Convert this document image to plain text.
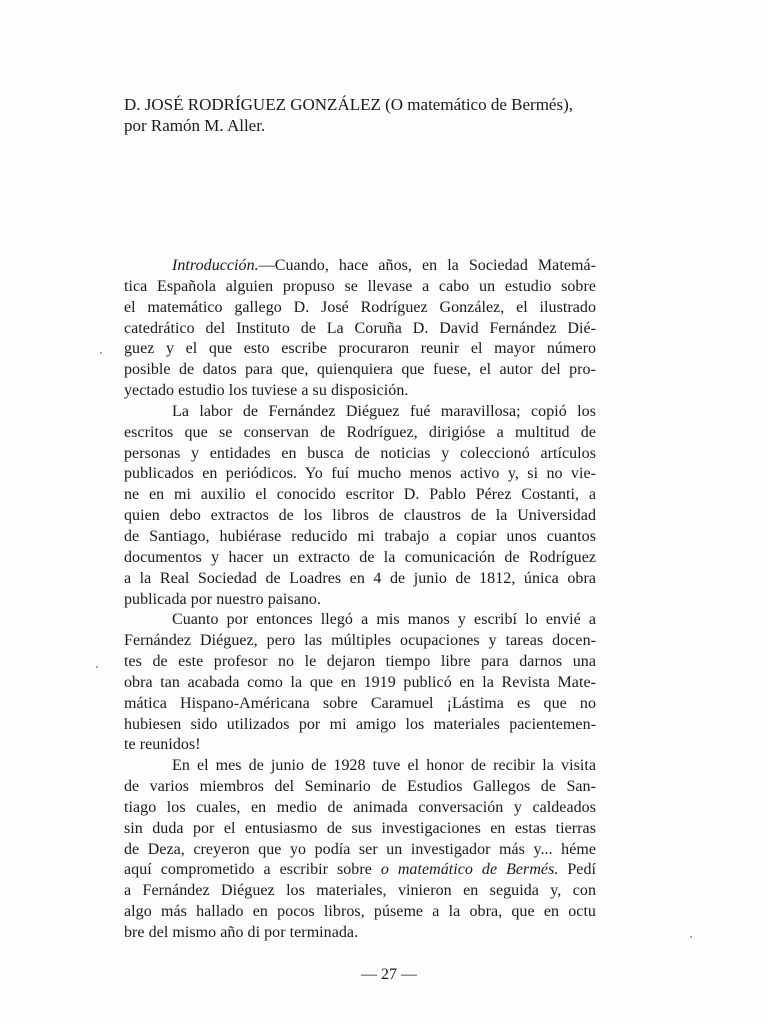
D. JOSÉ RODRÍGUEZ GONZÁLEZ (O matemático de Bermés),
por Ramón M. Aller.
Introducción.—Cuando, hace años, en la Sociedad Matemá-
tica Española alguien propuso se llevase a cabo un estudio sobre
el matemático gallego D. José Rodríguez González, el ilustrado
catedrático del Instituto de La Coruña D. David Fernández Dié-
guez y el que esto escribe procuraron reunir el mayor número
posible de datos para que, quienquiera que fuese, el autor del pro-
yectado estudio los tuviese a su disposición.
La labor de Fernández Diéguez fué maravillosa; copió los
escritos que se conservan de Rodríguez, dirigióse a multitud de
personas y entidades en busca de noticias y coleccionó artículos
publicados en periódicos. Yo fuí mucho menos activo y, si no vie-
ne en mi auxilio el conocido escritor D. Pablo Pérez Costanti, a
quien debo extractos de los libros de claustros de la Universidad
de Santiago, hubiérase reducido mi trabajo a copiar unos cuantos
documentos y hacer un extracto de la comunicación de Rodríguez
a la Real Sociedad de Loadres en 4 de junio de 1812, única obra
publicada por nuestro paisano.
Cuanto por entonces llegó a mis manos y escribí lo envié a
Fernández Diéguez, pero las múltiples ocupaciones y tareas docen-
tes de este profesor no le dejaron tiempo libre para darnos una
obra tan acabada como la que en 1919 publicó en la Revista Mate-
mática Hispano-Américana sobre Caramuel ¡Lástima es que no
hubiesen sido utilizados por mi amigo los materiales pacientemen-
te reunidos!
En el mes de junio de 1928 tuve el honor de recibir la visita
de varios miembros del Seminario de Estudios Gallegos de San-
tiago los cuales, en medio de animada conversación y caldeados
sin duda por el entusiasmo de sus investigaciones en estas tierras
de Deza, creyeron que yo podía ser un investigador más y... héme
aquí comprometido a escribir sobre o matemático de Bermés. Pedí
a Fernández Diéguez los materiales, vinieron en seguida y, con
algo más hallado en pocos libros, púseme a la obra, que en octu
bre del mismo año di por terminada.
— 27 —
